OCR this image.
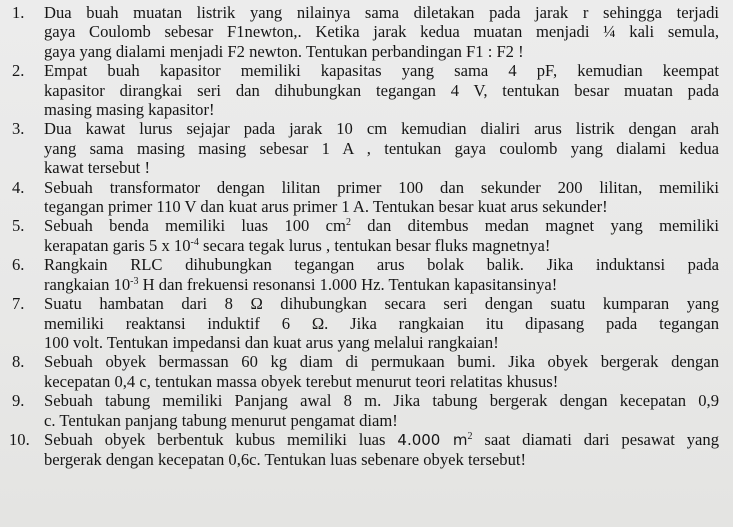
1.	Dua buah muatan listrik yang nilainya sama diletakan pada jarak r sehingga terjadi
gaya Coulomb sebesar F1newton,. Ketika jarak kedua muatan menjadi ¼ kali semula,
gaya yang dialami menjadi F2 newton. Tentukan perbandingan F1 : F2 !
2.	Empat buah kapasitor memiliki kapasitas yang sama 4 pF, kemudian keempat
kapasitor dirangkai seri dan dihubungkan tegangan 4 V, tentukan besar muatan pada
masing masing kapasitor!
3.	Dua kawat lurus sejajar pada jarak 10 cm kemudian dialiri arus listrik dengan arah
yang sama masing masing sebesar 1 A , tentukan gaya coulomb yang dialami kedua
kawat tersebut !
4.	Sebuah transformator dengan lilitan primer 100 dan sekunder 200 lilitan, memiliki
tegangan primer 110 V dan kuat arus primer 1 A. Tentukan besar kuat arus sekunder!
5.	Sebuah benda memiliki luas 100 $cm^2$ dan ditembus medan magnet yang memiliki
kerapatan garis 5 x $10^{-4}$ secara tegak lurus , tentukan besar fluks magnetnya!
6.	Rangkain RLC dihubungkan tegangan arus bolak balik. Jika induktansi pada
rangkaian $10^{-3}$ H dan frekuensi resonansi 1.000 Hz. Tentukan kapasitansinya!
7.	Suatu hambatan dari 8 Ω dihubungkan secara seri dengan suatu kumparan yang
memiliki reaktansi induktif 6 Ω. Jika rangkaian itu dipasang pada tegangan
100 volt. Tentukan impedansi dan kuat arus yang melalui rangkaian!
8.	Sebuah obyek bermassan 60 kg diam di permukaan bumi. Jika obyek bergerak dengan
kecepatan 0,4 c, tentukan massa obyek terebut menurut teori relatitas khusus!
9.	Sebuah tabung memiliki Panjang awal 8 m. Jika tabung bergerak dengan kecepatan 0,9
c. Tentukan panjang tabung menurut pengamat diam!
10. Sebuah obyek berbentuk kubus memiliki luas 4.000 $m^2$ saat diamati dari pesawat yang
bergerak dengan kecepatan 0,6c. Tentukan luas sebenare obyek tersebut!
